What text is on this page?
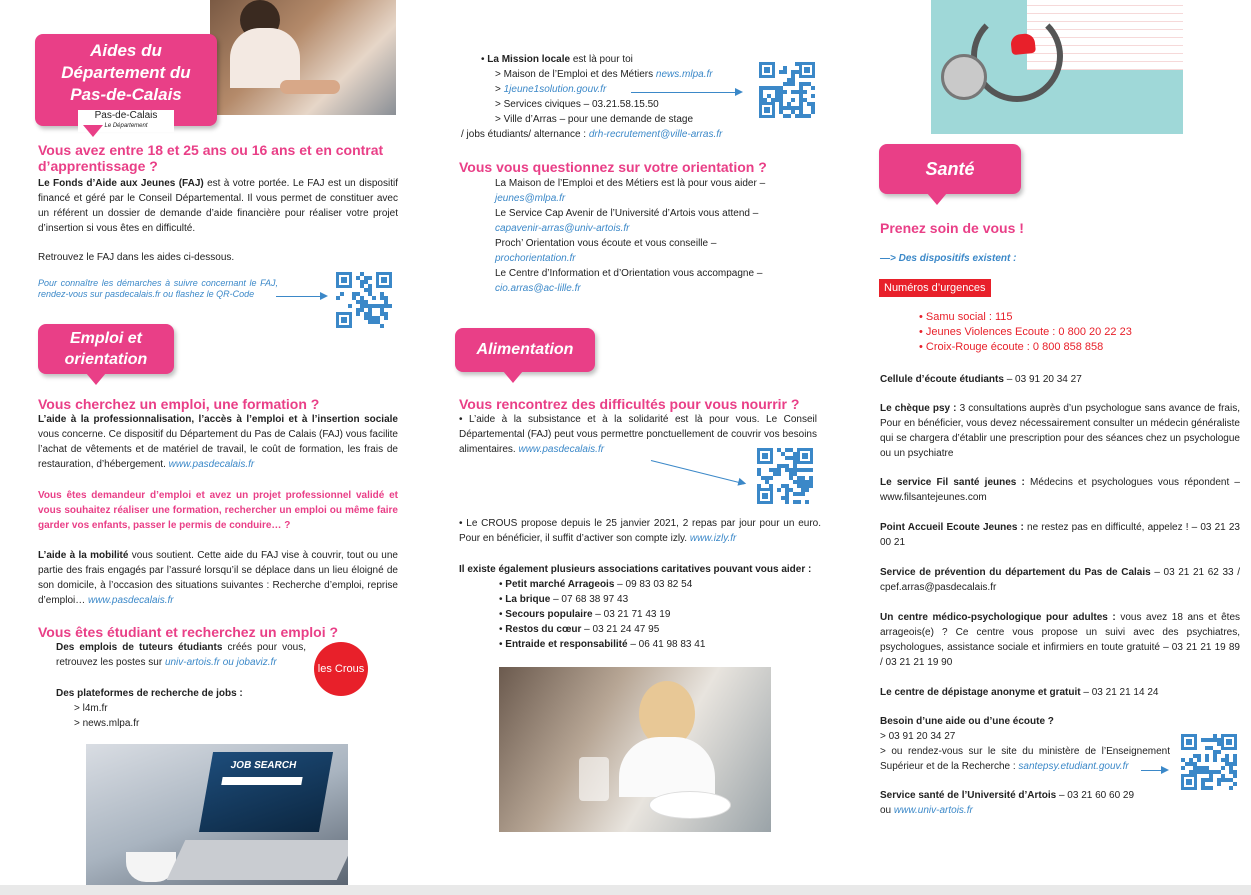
Aides du Département du Pas-de-Calais
Pas-de-Calais
Le Département
Vous avez entre 18 et 25 ans ou 16 ans et en contrat d’apprentissage ?

Le Fonds d’Aide aux Jeunes (FAJ) est à votre portée. Le FAJ est un dispositif financé et géré par le Conseil Départemental. Il vous permet de constituer avec un référent un dossier de demande d’aide financière pour réaliser votre projet d’insertion si vous êtes en difficulté.

Retrouvez le FAJ dans les aides ci-dessous.

Pour connaître les démarches à suivre concernant le FAJ, rendez-vous sur pasdecalais.fr ou flashez le QR-Code

Emploi et orientation
Vous cherchez un emploi, une formation ?

L’aide à la professionnalisation, l’accès à l’emploi et à l’insertion sociale vous concerne. Ce dispositif du Département du Pas de Calais (FAJ) vous facilite l’achat de vêtements et de matériel de travail, le coût de formation, les frais de restauration, d’hébergement. www.pasdecalais.fr

Vous êtes demandeur d’emploi et avez un projet professionnel validé et vous souhaitez réaliser une formation, rechercher un emploi ou même faire garder vos enfants, passer le permis de conduire… ?

L’aide à la mobilité vous soutient. Cette aide du FAJ vise à couvrir, tout ou une partie des frais engagés par l’assuré lorsqu’il se déplace dans un lieu éloigné de son domicile, à l’occasion des situations suivantes : Recherche d’emploi, reprise d’emploi… www.pasdecalais.fr

Vous êtes étudiant et recherchez un emploi ?
Des emplois de tuteurs étudiants créés pour vous, retrouvez les postes sur univ-artois.fr ou jobaviz.fr
les Crous
Des plateformes de recherche de jobs :
> l4m.fr
> news.mlpa.fr
JOB SEARCH
• La Mission locale est là pour toi
> Maison de l’Emploi et des Métiers news.mlpa.fr
> 1jeune1solution.gouv.fr
> Services civiques – 03.21.58.15.50
> Ville d’Arras – pour une demande de stage
/ jobs étudiants/ alternance : drh-recrutement@ville-arras.fr
Vous vous questionnez sur votre orientation ?
La Maison de l’Emploi et des Métiers est là pour vous aider –
jeunes@mlpa.fr
Le Service Cap Avenir de l’Université d’Artois vous attend –
capavenir-arras@univ-artois.fr
Proch’ Orientation vous écoute et vous conseille –
prochorientation.fr
Le Centre d’Information et d’Orientation vous accompagne –
cio.arras@ac-lille.fr
Alimentation
Vous rencontrez des difficultés pour vous nourrir ?

• L’aide à la subsistance et à la solidarité est là pour vous. Le Conseil Départemental (FAJ) peut vous permettre ponctuellement de couvrir vos besoins alimentaires. www.pasdecalais.fr

• Le CROUS propose depuis le 25 janvier 2021, 2 repas par jour pour un euro. Pour en bénéficier, il suffit d’activer son compte izly. www.izly.fr

Il existe également plusieurs associations caritatives pouvant vous aider :
• Petit marché Arrageois – 09 83 03 82 54
• La brique – 07 68 38 97 43
• Secours populaire – 03 21 71 43 19
• Restos du cœur – 03 21 24 47 95
• Entraide et responsabilité – 06 41 98 83 41
Santé
Prenez soin de vous !
—> Des dispositifs existent :
Numéros d’urgences
• Samu social : 115
• Jeunes Violences Ecoute : 0 800 20 22 23
• Croix-Rouge écoute : 0 800 858 858

Cellule d’écoute étudiants – 03 91 20 34 27

Le chèque psy : 3 consultations auprès d’un psychologue sans avance de frais, Pour en bénéficier, vous devez nécessairement consulter un médecin généraliste qui se chargera d’établir une prescription pour des séances chez un psychologue ou un psychiatre

Le service Fil santé jeunes : Médecins et psychologues vous répondent – www.filsantejeunes.com

Point Accueil Ecoute Jeunes : ne restez pas en difficulté, appelez ! – 03 21 23 00 21

Service de prévention du département du Pas de Calais – 03 21 21 62 33 / cpef.arras@pasdecalais.fr

Un centre médico-psychologique pour adultes : vous avez 18 ans et êtes arrageois(e) ? Ce centre vous propose un suivi avec des psychiatres, psychologues, assistance sociale et infirmiers en toute gratuité – 03 21 21 19 89 / 03 21 21 19 90

Le centre de dépistage anonyme et gratuit – 03 21 21 14 24

Besoin d’une aide ou d’une écoute ?
> 03 91 20 34 27
> ou rendez-vous sur le site du ministère de l’Enseignement Supérieur et de la Recherche : santepsy.etudiant.gouv.fr

Service santé de l’Université d’Artois – 03 21 60 60 29
ou www.univ-artois.fr
